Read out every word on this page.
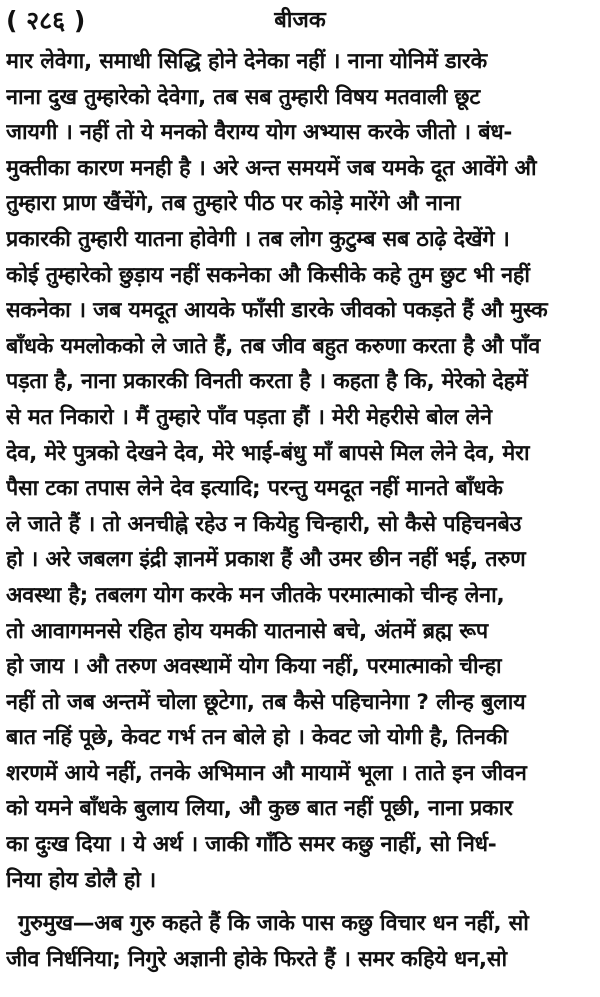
( २८६ )	बीजक
मार लेवेगा, समाधी सिद्धि होने देनेका नहीं । नाना योनिमें डारके
नाना दुख तुम्हारेको देवेगा, तब सब तुम्हारी विषय मतवाली छूट
जायगी । नहीं तो ये मनको वैराग्य योग अभ्यास करके जीतो । बंध-
मुक्तीका कारण मनही है । अरे अन्त समयमें जब यमके दूत आवेंगे औ
तुम्हारा प्राण खैंचेंगे, तब तुम्हारे पीठ पर कोड़े मारेंगे औ नाना
प्रकारकी तुम्हारी यातना होवेगी । तब लोग कुटुम्ब सब ठाढ़े देखेंगे ।
कोई तुम्हारेको छुड़ाय नहीं सकनेका औ किसीके कहे तुम छुट भी नहीं
सकनेका । जब यमदूत आयके फाँसी डारके जीवको पकड़ते हैं औ मुस्क
बाँधके यमलोकको ले जाते हैं, तब जीव बहुत करुणा करता है औ पाँव
पड़ता है, नाना प्रकारकी विनती करता है । कहता है कि, मेरेको देहमें
से मत निकारो । मैं तुम्हारे पाँव पड़ता हौं । मेरी मेहरीसे बोल लेने
देव, मेरे पुत्रको देखने देव, मेरे भाई-बंधु माँ बापसे मिल लेने देव, मेरा
पैसा टका तपास लेने देव इत्यादि; परन्तु यमदूत नहीं मानते बाँधके
ले जाते हैं । तो अनचीह्ने रहेउ न कियेहु चिन्हारी, सो कैसे पहिचनबेउ
हो । अरे जबलग इंद्री ज्ञानमें प्रकाश हैं औ उमर छीन नहीं भई, तरुण
अवस्था है; तबलग योग करके मन जीतके परमात्माको चीन्ह लेना,
तो आवागमनसे रहित होय यमकी यातनासे बचे, अंतमें ब्रह्म रूप
हो जाय । औ तरुण अवस्थामें योग किया नहीं, परमात्माको चीन्हा
नहीं तो जब अन्तमें चोला छूटेगा, तब कैसे पहिचानेगा ? लीन्ह बुलाय
बात नहिं पूछे, केवट गर्भ तन बोले हो । केवट जो योगी है, तिनकी
शरणमें आये नहीं, तनके अभिमान औ मायामें भूला । ताते इन जीवन
को यमने बाँधके बुलाय लिया, औ कुछ बात नहीं पूछी, नाना प्रकार
का दुःख दिया । ये अर्थ । जाकी गाँठि समर कछु नाहीं, सो निर्ध-
निया होय डोलै हो ।
गुरुमुख—अब गुरु कहते हैं कि जाके पास कछु विचार धन नहीं, सो
जीव निर्धनिया; निगुरे अज्ञानी होके फिरते हैं । समर कहिये धन,सो
